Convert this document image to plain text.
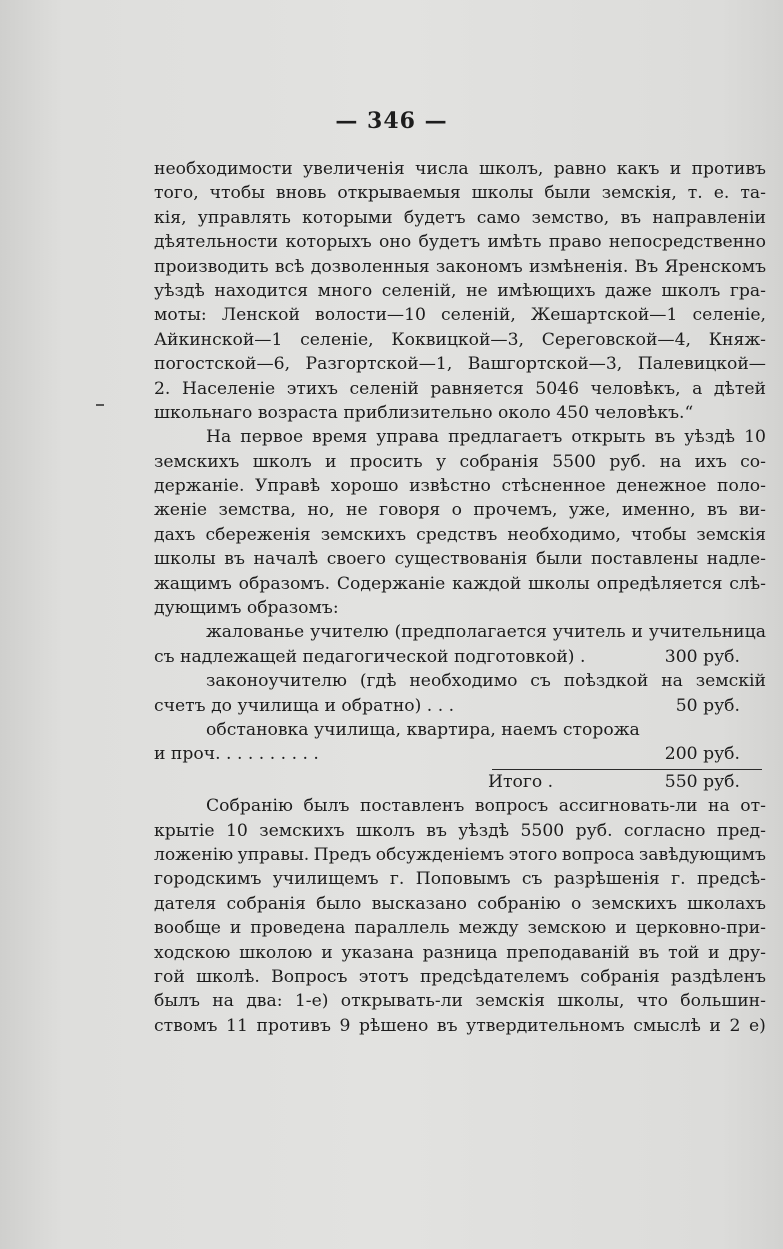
— 346 —
необходимости увеличенія числа школъ, равно какъ и противъ
того, чтобы вновь открываемыя школы были земскія, т. е. та-
кія, управлять которыми будетъ само земство, въ направленіи
дѣятельности которыхъ оно будетъ имѣть право непосредственно
производить всѣ дозволенныя закономъ измѣненія. Въ Яренскомъ
уѣздѣ находится много селеній, не имѣющихъ даже школъ гра-
моты: Ленской волости—10 селеній, Жешартской—1 селеніе,
Айкинской—1 селеніе, Коквицкой—3, Сереговской—4, Княж-
погостской—6, Разгортской—1, Вашгортской—3, Палевицкой—
2. Населеніе этихъ селеній равняется 5046 человѣкъ, а дѣтей
школьнаго возраста приблизительно около 450 человѣкъ.“
На первое время управа предлагаетъ открыть въ уѣздѣ 10
земскихъ школъ и просить у собранія 5500 руб. на ихъ со-
держаніе. Управѣ хорошо извѣстно стѣсненное денежное поло-
женіе земства, но, не говоря о прочемъ, уже, именно, въ ви-
дахъ сбереженія земскихъ средствъ необходимо, чтобы земскія
школы въ началѣ своего существованія были поставлены надле-
жащимъ образомъ. Содержаніе каждой школы опредѣляется слѣ-
дующимъ образомъ:
жалованье учителю (предполагается учитель и учительница
съ надлежащей педагогической подготовкой) .	300 руб.
законоучителю (гдѣ необходимо съ поѣздкой на земскій
счетъ до училища и обратно) . . .	50 руб.
обстановка училища, квартира, наемъ сторожа
и проч. . . . . . . . . .	200 руб.
Итого .	550 руб.
Собранію былъ поставленъ вопросъ ассигновать-ли на от-
крытіе 10 земскихъ школъ въ уѣздѣ 5500 руб. согласно пред-
ложенію управы. Предъ обсужденіемъ этого вопроса завѣдующимъ
городскимъ училищемъ г. Поповымъ съ разрѣшенія г. предсѣ-
дателя собранія было высказано собранію о земскихъ школахъ
вообще и проведена параллель между земскою и церковно-при-
ходскою школою и указана разница преподаваній въ той и дру-
гой школѣ. Вопросъ этотъ предсѣдателемъ собранія раздѣленъ
былъ на два: 1-е) открывать-ли земскія школы, что большин-
ствомъ 11 противъ 9 рѣшено въ утвердительномъ смыслѣ и 2 е)
